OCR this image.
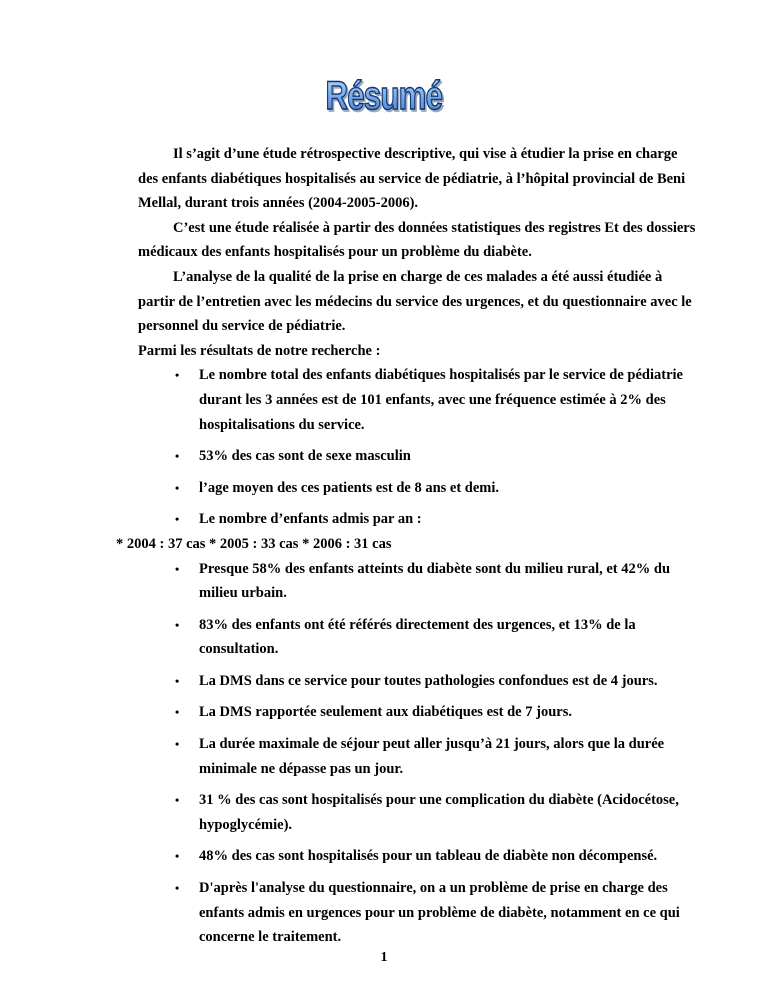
Résumé

Il s’agit d’une étude rétrospective descriptive, qui vise à étudier la prise en charge des enfants diabétiques hospitalisés au service de pédiatrie, à l’hôpital provincial de Beni Mellal, durant trois années (2004-2005-2006).

C’est une étude réalisée à partir des données statistiques des registres Et des dossiers médicaux des enfants hospitalisés pour un problème du diabète.

L’analyse de la qualité de la prise en charge de ces malades a été aussi étudiée à partir de l’entretien avec les médecins du service des urgences, et du questionnaire avec le personnel du service de pédiatrie.

Parmi les résultats de notre recherche :

• Le nombre total des enfants diabétiques hospitalisés par le service de pédiatrie durant les 3 années est de 101 enfants, avec une fréquence estimée à 2% des hospitalisations du service.
• 53% des cas sont de sexe masculin
• l’age moyen des ces patients est de 8 ans et demi.
• Le nombre d’enfants admis par an :

* 2004 : 37 cas * 2005 : 33 cas * 2006 : 31 cas

• Presque 58% des enfants atteints du diabète sont du milieu rural, et 42% du milieu urbain.
• 83% des enfants ont été référés directement des urgences, et 13% de la consultation.
• La DMS dans ce service pour toutes pathologies confondues est de 4 jours.
• La DMS rapportée seulement aux diabétiques est de 7 jours.
• La durée maximale de séjour peut aller jusqu’à 21 jours, alors que la durée minimale ne dépasse pas un jour.
• 31 % des cas sont hospitalisés pour une complication du diabète (Acidocétose, hypoglycémie).
• 48% des cas sont hospitalisés pour un tableau de diabète non décompensé.
• D'après l'analyse du questionnaire, on a un problème de prise en charge des enfants admis en urgences pour un problème de diabète, notamment en ce qui concerne le traitement.
1
